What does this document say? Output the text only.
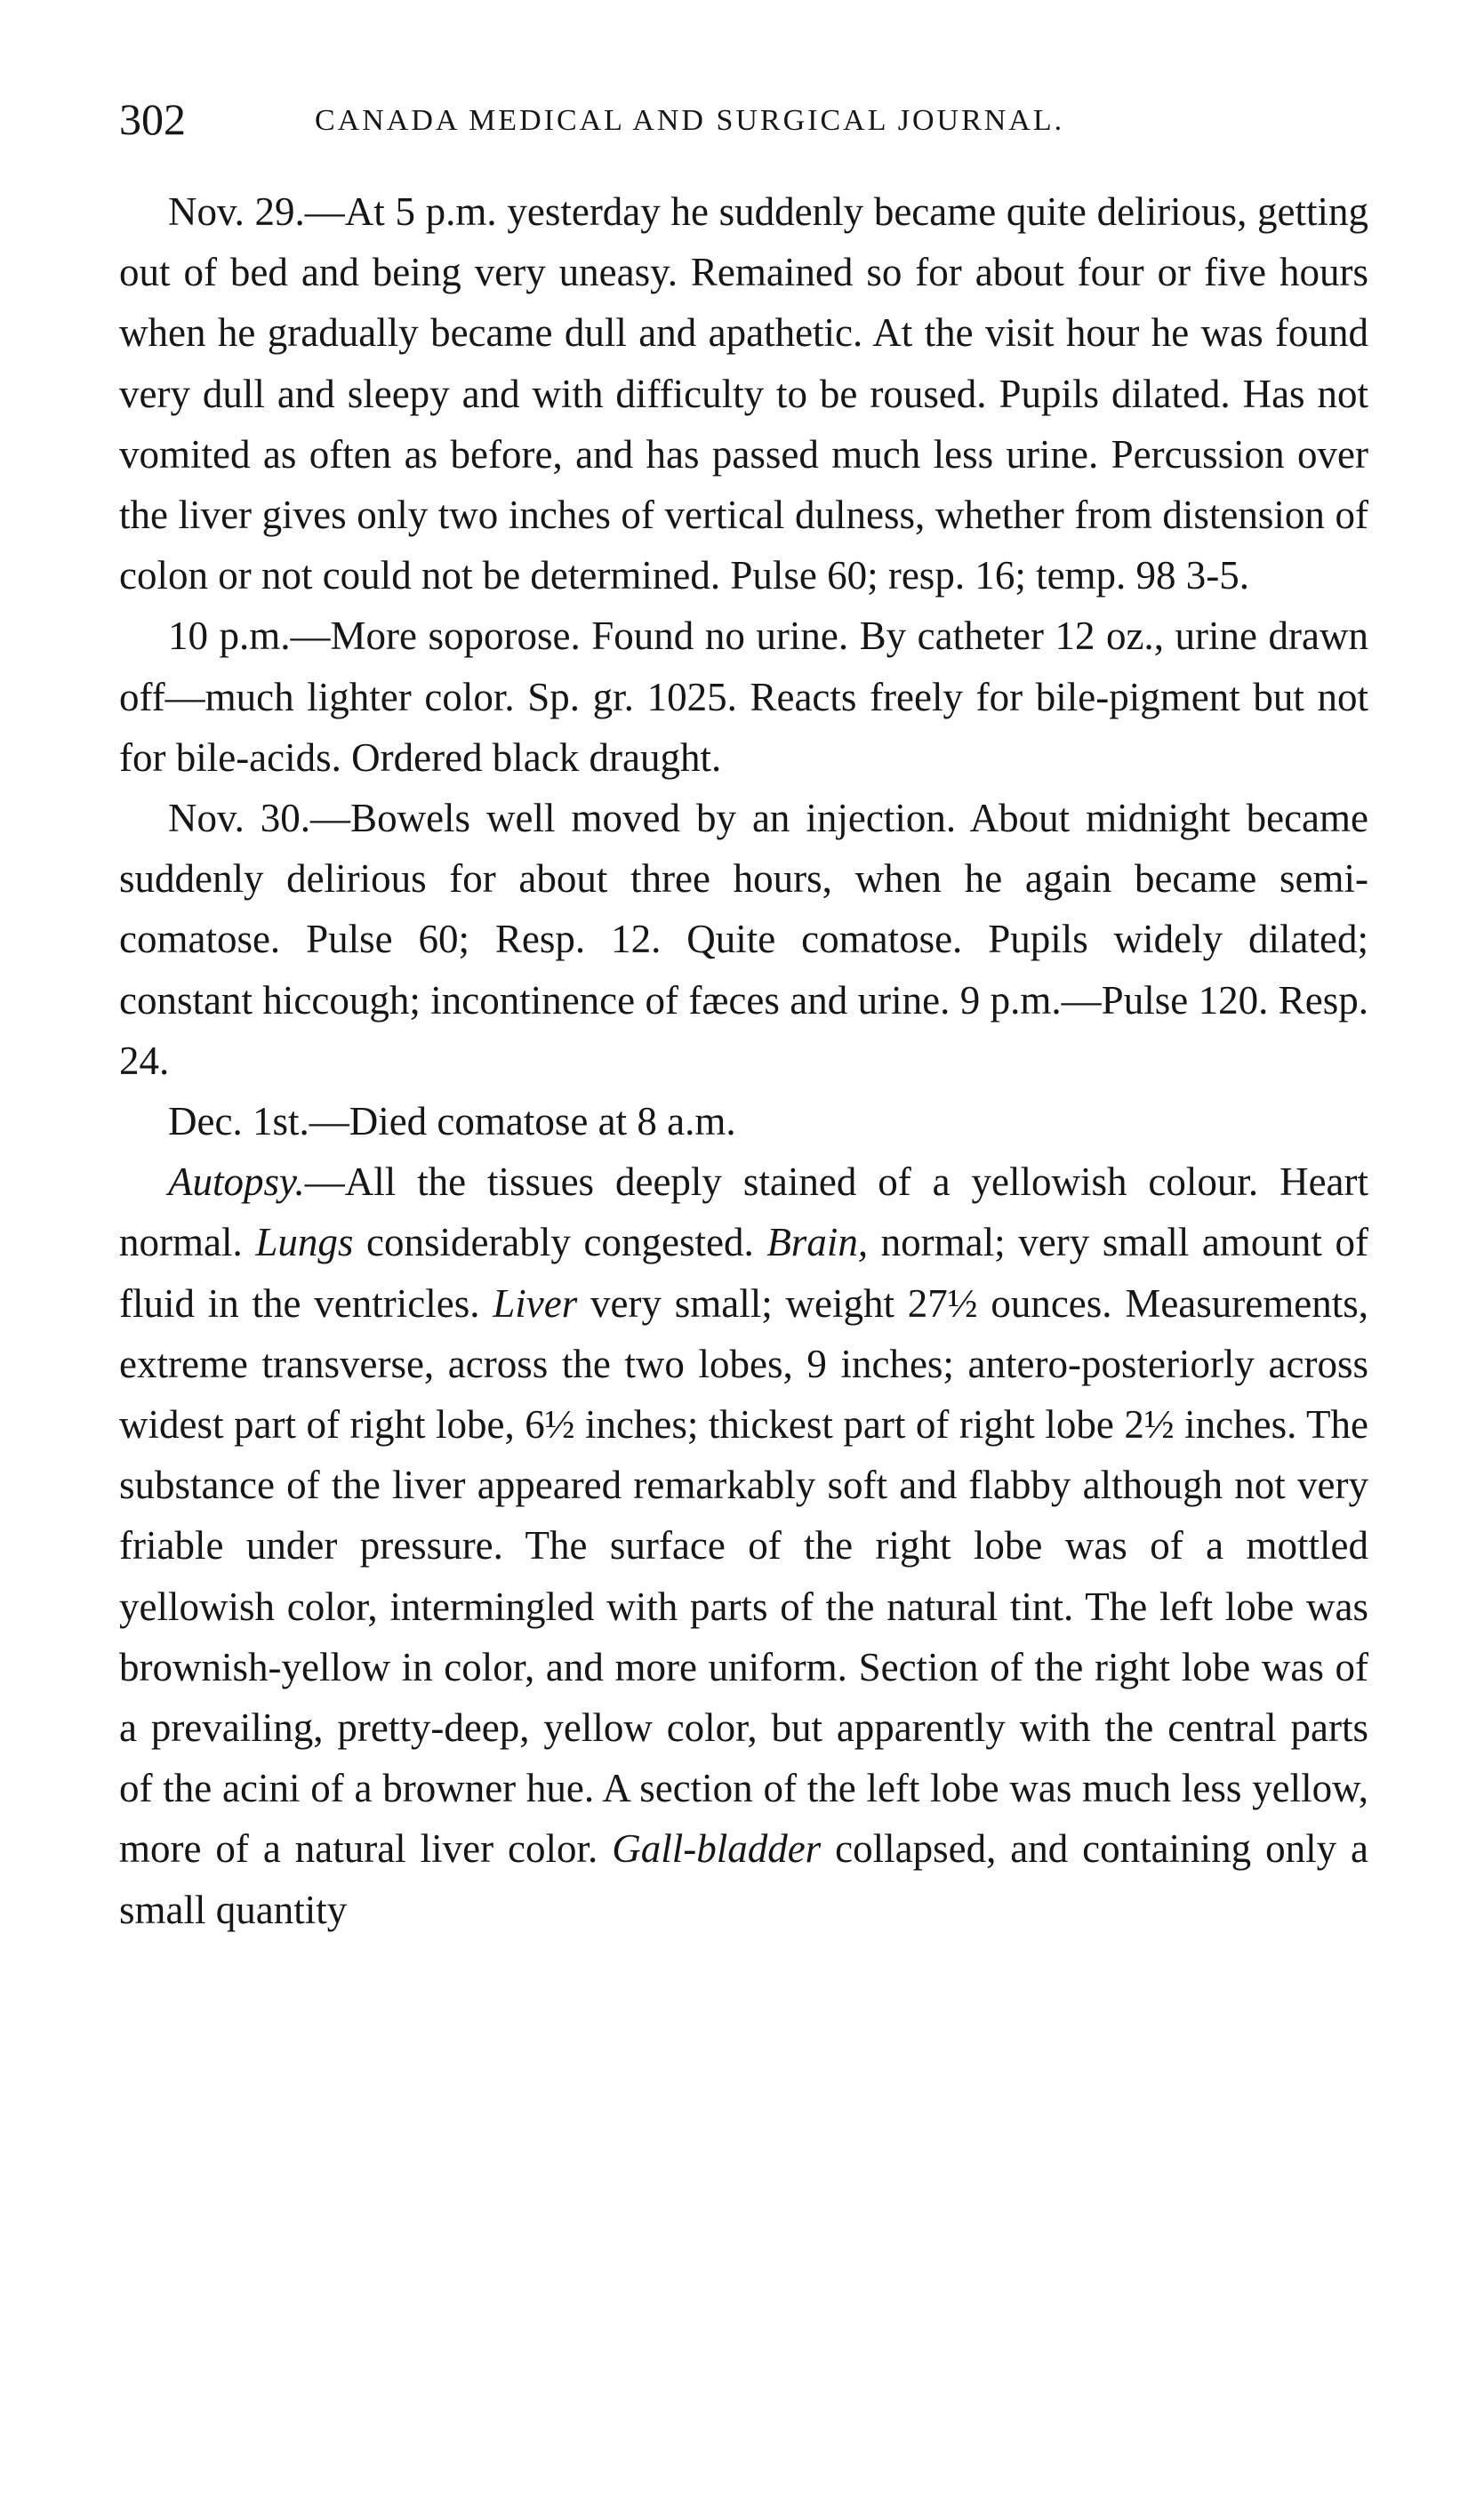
302	CANADA MEDICAL AND SURGICAL JOURNAL.

Nov. 29.—At 5 p.m. yesterday he suddenly became quite delirious, getting out of bed and being very uneasy. Remained so for about four or five hours when he gradually became dull and apathetic. At the visit hour he was found very dull and sleepy and with difficulty to be roused. Pupils dilated. Has not vomited as often as before, and has passed much less urine. Percussion over the liver gives only two inches of vertical dulness, whether from distension of colon or not could not be determined. Pulse 60; resp. 16; temp. 98 3-5.

10 p.m.—More soporose. Found no urine. By catheter 12 oz., urine drawn off—much lighter color. Sp. gr. 1025. Reacts freely for bile-pigment but not for bile-acids. Ordered black draught.

Nov. 30.—Bowels well moved by an injection. About midnight became suddenly delirious for about three hours, when he again became semi-comatose. Pulse 60; Resp. 12. Quite comatose. Pupils widely dilated; constant hiccough; incontinence of fæces and urine. 9 p.m.—Pulse 120. Resp. 24.

Dec. 1st.—Died comatose at 8 a.m.

Autopsy.—All the tissues deeply stained of a yellowish colour. Heart normal. Lungs considerably congested. Brain, normal; very small amount of fluid in the ventricles. Liver very small; weight 27½ ounces. Measurements, extreme transverse, across the two lobes, 9 inches; antero-posteriorly across widest part of right lobe, 6½ inches; thickest part of right lobe 2½ inches. The substance of the liver appeared remarkably soft and flabby although not very friable under pressure. The surface of the right lobe was of a mottled yellowish color, intermingled with parts of the natural tint. The left lobe was brownish-yellow in color, and more uniform. Section of the right lobe was of a prevailing, pretty-deep, yellow color, but apparently with the central parts of the acini of a browner hue. A section of the left lobe was much less yellow, more of a natural liver color. Gall-bladder collapsed, and containing only a small quantity
